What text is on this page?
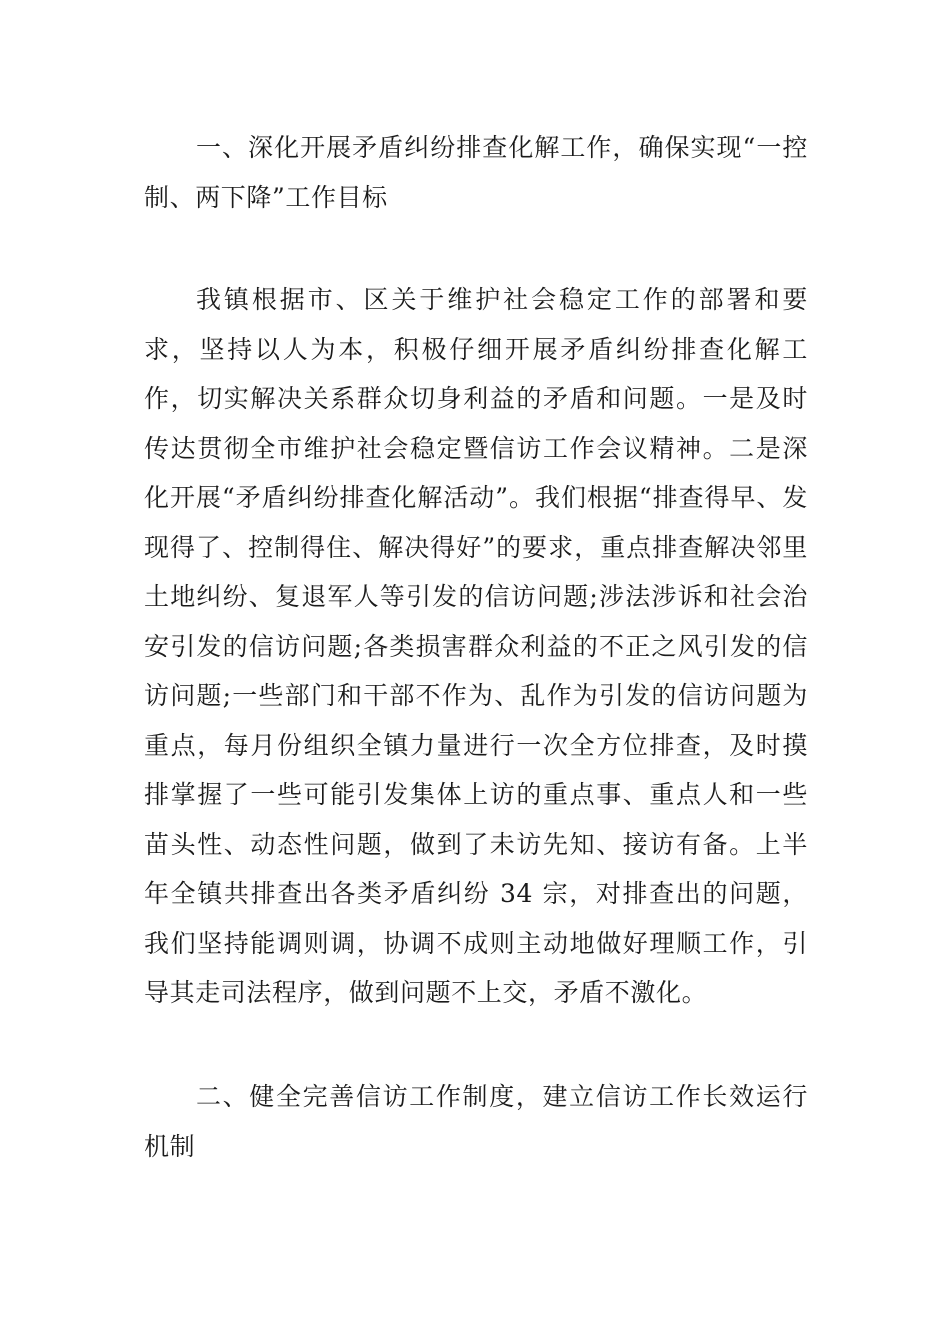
一、深化开展矛盾纠纷排查化解工作，确保实现“一控制、两下降”工作目标

我镇根据市、区关于维护社会稳定工作的部署和要求，坚持以人为本，积极仔细开展矛盾纠纷排查化解工作，切实解决关系群众切身利益的矛盾和问题。一是及时传达贯彻全市维护社会稳定暨信访工作会议精神。二是深化开展“矛盾纠纷排查化解活动”。我们根据“排查得早、发现得了、控制得住、解决得好”的要求，重点排查解决邻里土地纠纷、复退军人等引发的信访问题;涉法涉诉和社会治安引发的信访问题;各类损害群众利益的不正之风引发的信访问题;一些部门和干部不作为、乱作为引发的信访问题为重点，每月份组织全镇力量进行一次全方位排查，及时摸排掌握了一些可能引发集体上访的重点事、重点人和一些苗头性、动态性问题，做到了未访先知、接访有备。上半年全镇共排查出各类矛盾纠纷 34 宗，对排查出的问题，我们坚持能调则调，协调不成则主动地做好理顺工作，引导其走司法程序，做到问题不上交，矛盾不激化。

二、健全完善信访工作制度，建立信访工作长效运行机制
